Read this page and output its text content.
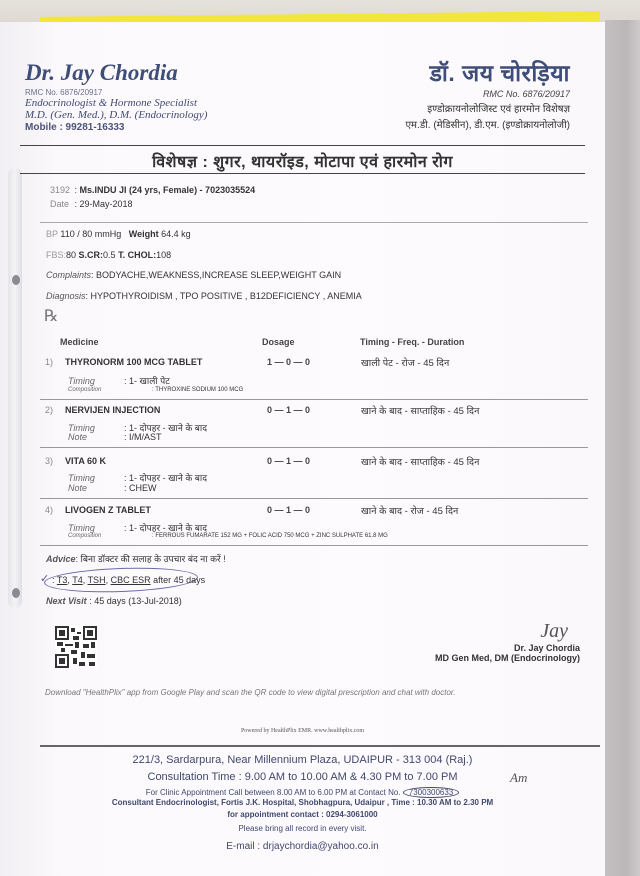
Dr. Jay Chordia
RMC No. 6876/20917
Endocrinologist & Hormone Specialist
M.D. (Gen. Med.), D.M. (Endocrinology)
Mobile : 99281-16333
डॉ. जय चोरड़िया
RMC No. 6876/20917
इण्डोक्रायनोलोजिस्ट एवं हारमोन विशेषज्ञ
एम.डी. (मेडिसीन), डी.एम. (इण्डोक्रायनोलोजी)
विशेषज्ञ : शुगर, थायरॉइड, मोटापा एवं हारमोन रोग
3192 : Ms.INDU JI (24 yrs, Female) - 7023035524
Date : 29-May-2018
BP 110 / 80 mmHg Weight 64.4 kg
FBS:80 S.CR:0.5 T. CHOL:108
Complaints: BODYACHE,WEAKNESS,INCREASE SLEEP,WEIGHT GAIN
Diagnosis: HYPOTHYROIDISM , TPO POSITIVE , B12DEFICIENCY , ANEMIA
℞
Medicine	Dosage	Timing - Freq. - Duration
1) THYRONORM 100 MCG TABLET	1 — 0 — 0	खाली पेट - रोज - 45 दिन
Timing	: 1- खाली पेट
Composition	: THYROXINE SODIUM 100 MCG
2) NERVIJEN INJECTION	0 — 1 — 0	खाने के बाद - साप्ताहिक - 45 दिन
Timing	: 1- दोपहर - खाने के बाद
Note	: I/M/AST
3) VITA 60 K	0 — 1 — 0	खाने के बाद - साप्ताहिक - 45 दिन
Timing	: 1- दोपहर - खाने के बाद
Note	: CHEW
4) LIVOGEN Z TABLET	0 — 1 — 0	खाने के बाद - रोज - 45 दिन
Timing	: 1- दोपहर - खाने के बाद
Composition	: FERROUS FUMARATE 152 MG + FOLIC ACID 750 MCG + ZINC SULPHATE 61.8 MG
Advice: बिना डॉक्टर की सलाह के उपचार बंद ना करें !
✓ : T3, T4, TSH, CBC ESR after 45 days
Next Visit : 45 days (13-Jul-2018)
Jay
Dr. Jay Chordia
MD Gen Med, DM (Endocrinology)
Download "HealthPlix" app from Google Play and scan the QR code to view digital prescription and chat with doctor.
Powered by HealthPlix EMR. www.healthplix.com
221/3, Sardarpura, Near Millennium Plaza, UDAIPUR - 313 004 (Raj.)
Consultation Time : 9.00 AM to 10.00 AM & 4.30 PM to 7.00 PM
For Clinic Appointment Call between 8.00 AM to 6.00 PM at Contact No. 7300300633
Am
Consultant Endocrinologist, Fortis J.K. Hospital, Shobhagpura, Udaipur , Time : 10.30 AM to 2.30 PM
for appointment contact : 0294-3061000
Please bring all record in every visit.
E-mail : drjaychordia@yahoo.co.in
